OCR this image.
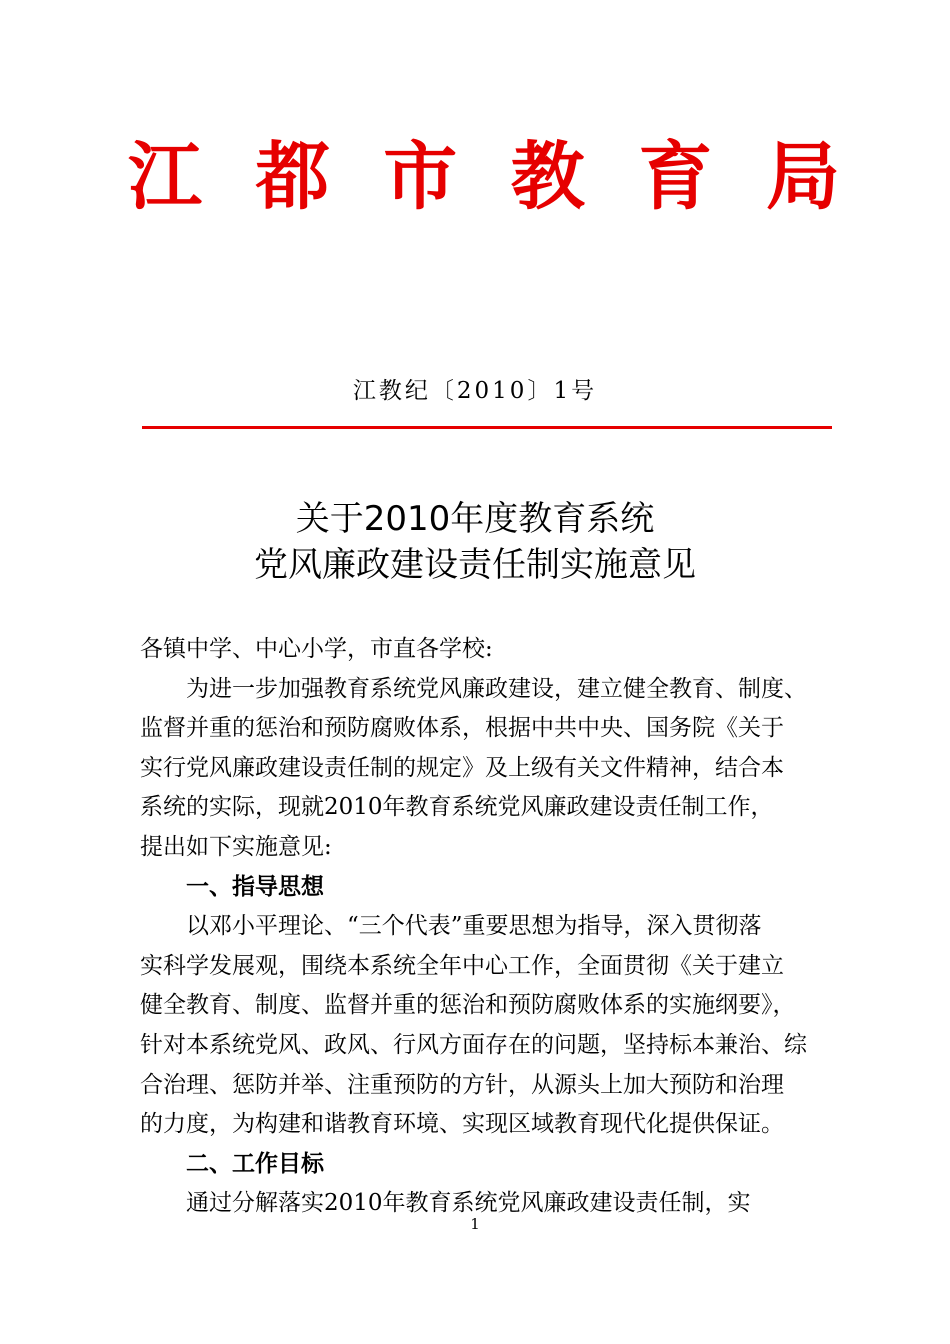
江 都 市 教 育 局
江教纪〔2010〕1号
关于2010年度教育系统
党风廉政建设责任制实施意见
各镇中学、中心小学，市直各学校:
为进一步加强教育系统党风廉政建设，建立健全教育、制度、
监督并重的惩治和预防腐败体系，根据中共中央、国务院《关于
实行党风廉政建设责任制的规定》及上级有关文件精神，结合本
系统的实际，现就2010年教育系统党风廉政建设责任制工作，
提出如下实施意见:
一、指导思想
以邓小平理论、“三个代表”重要思想为指导，深入贯彻落
实科学发展观，围绕本系统全年中心工作，全面贯彻《关于建立
健全教育、制度、监督并重的惩治和预防腐败体系的实施纲要》，
针对本系统党风、政风、行风方面存在的问题，坚持标本兼治、综
合治理、惩防并举、注重预防的方针，从源头上加大预防和治理
的力度，为构建和谐教育环境、实现区域教育现代化提供保证。
二、工作目标
通过分解落实2010年教育系统党风廉政建设责任制，实
1
